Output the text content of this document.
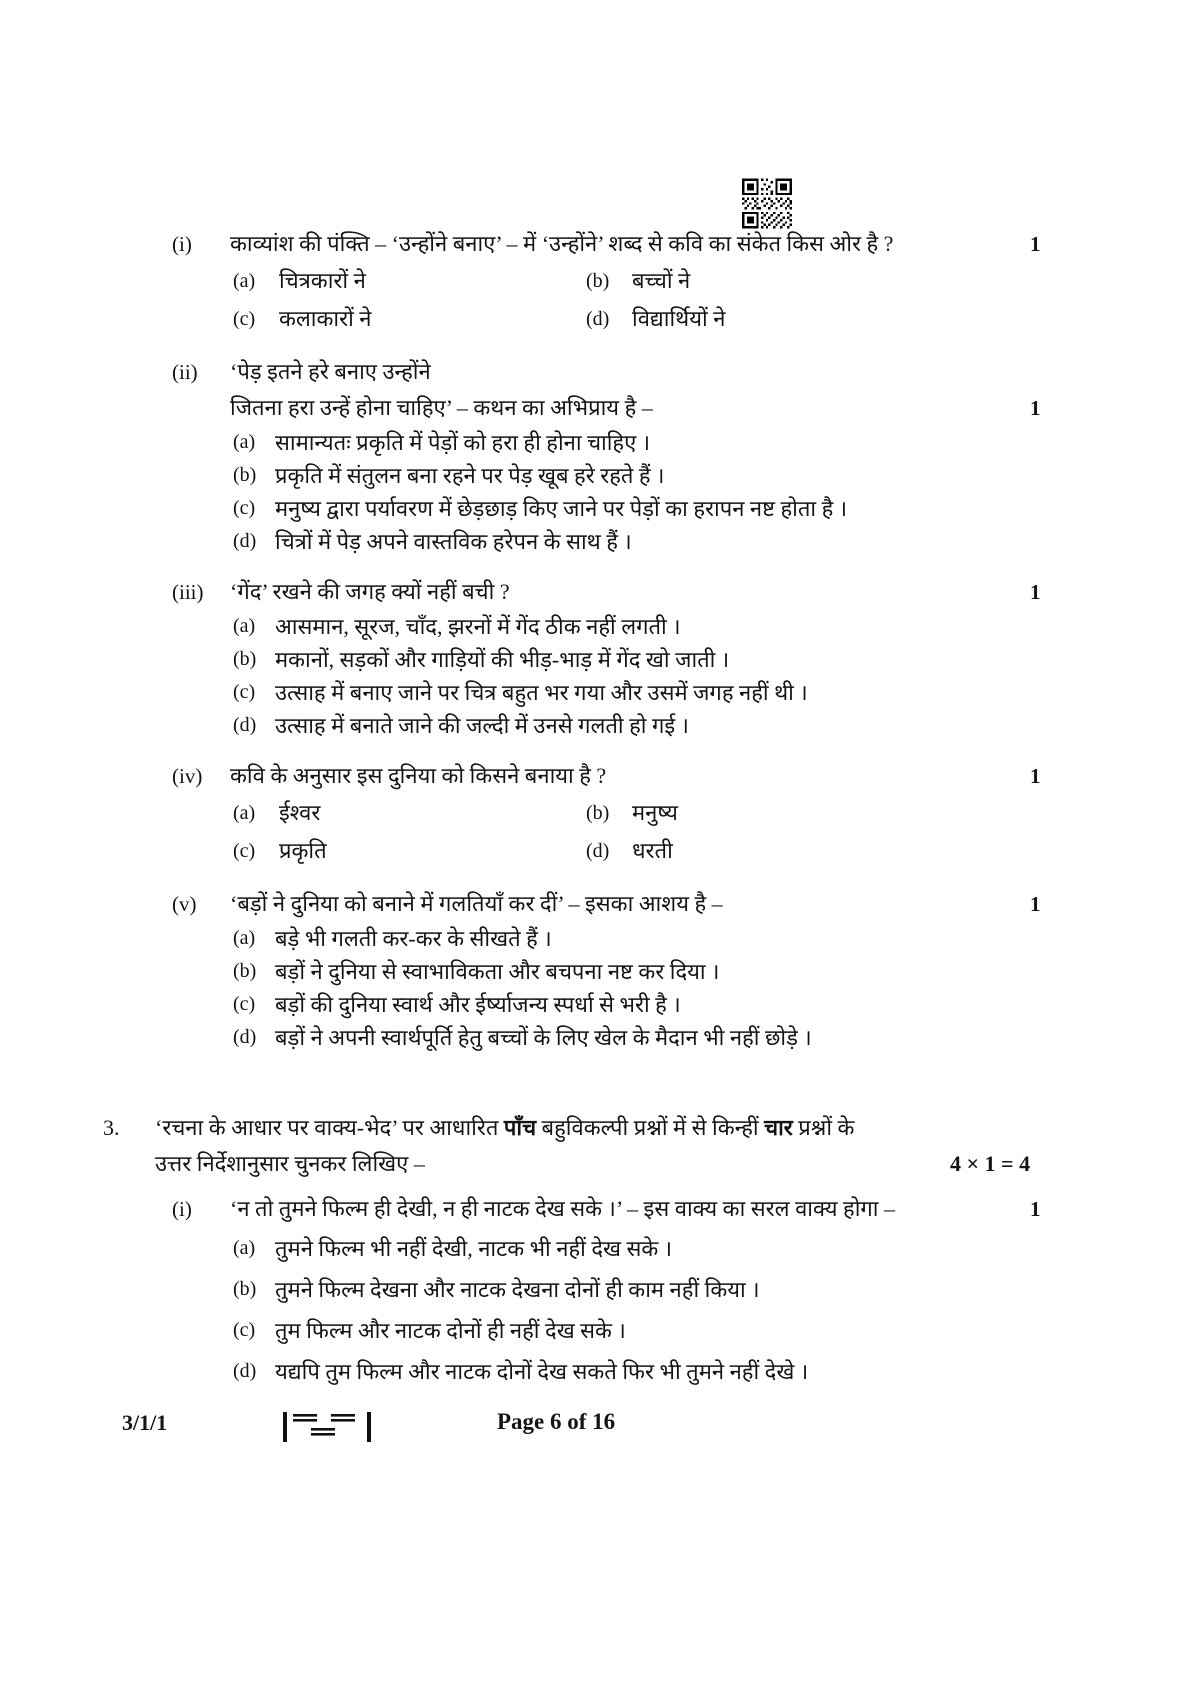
(i)	काव्यांश की पंक्ति – ‘उन्होंने बनाए’ – में ‘उन्होंने’ शब्द से कवि का संकेत किस ओर है ?	1
(a)	चित्रकारों ने	(b)	बच्चों ने
(c)	कलाकारों ने	(d)	विद्यार्थियों ने
(ii)	‘पेड़ इतने हरे बनाए उन्होंने
जितना हरा उन्हें होना चाहिए’ – कथन का अभिप्राय है –	1
(a) सामान्यतः प्रकृति में पेड़ों को हरा ही होना चाहिए ।
(b) प्रकृति में संतुलन बना रहने पर पेड़ खूब हरे रहते हैं ।
(c) मनुष्य द्वारा पर्यावरण में छेड़छाड़ किए जाने पर पेड़ों का हरापन नष्ट होता है ।
(d) चित्रों में पेड़ अपने वास्तविक हरेपन के साथ हैं ।
(iii)	‘गेंद’ रखने की जगह क्यों नहीं बची ?	1
(a) आसमान, सूरज, चाँद, झरनों में गेंद ठीक नहीं लगती ।
(b) मकानों, सड़कों और गाड़ियों की भीड़-भाड़ में गेंद खो जाती ।
(c) उत्साह में बनाए जाने पर चित्र बहुत भर गया और उसमें जगह नहीं थी ।
(d) उत्साह में बनाते जाने की जल्दी में उनसे गलती हो गई ।
(iv)	कवि के अनुसार इस दुनिया को किसने बनाया है ?	1
(a)	ईश्वर	(b)	मनुष्य
(c)	प्रकृति	(d)	धरती
(v)	‘बड़ों ने दुनिया को बनाने में गलतियाँ कर दीं’ – इसका आशय है –	1
(a) बड़े भी गलती कर-कर के सीखते हैं ।
(b) बड़ों ने दुनिया से स्वाभाविकता और बचपना नष्ट कर दिया ।
(c) बड़ों की दुनिया स्वार्थ और ईर्ष्याजन्य स्पर्धा से भरी है ।
(d) बड़ों ने अपनी स्वार्थपूर्ति हेतु बच्चों के लिए खेल के मैदान भी नहीं छोड़े ।
3.	‘रचना के आधार पर वाक्य-भेद’ पर आधारित पाँच बहुविकल्पी प्रश्नों में से किन्हीं चार प्रश्नों के
उत्तर निर्देशानुसार चुनकर लिखिए –	4 × 1 = 4
(i)	‘न तो तुमने फिल्म ही देखी, न ही नाटक देख सके ।’ – इस वाक्य का सरल वाक्य होगा –	1
(a) तुमने फिल्म भी नहीं देखी, नाटक भी नहीं देख सके ।
(b) तुमने फिल्म देखना और नाटक देखना दोनों ही काम नहीं किया ।
(c) तुम फिल्म और नाटक दोनों ही नहीं देख सके ।
(d) यद्यपि तुम फिल्म और नाटक दोनों देख सकते फिर भी तुमने नहीं देखे ।
3/1/1	Page 6 of 16
